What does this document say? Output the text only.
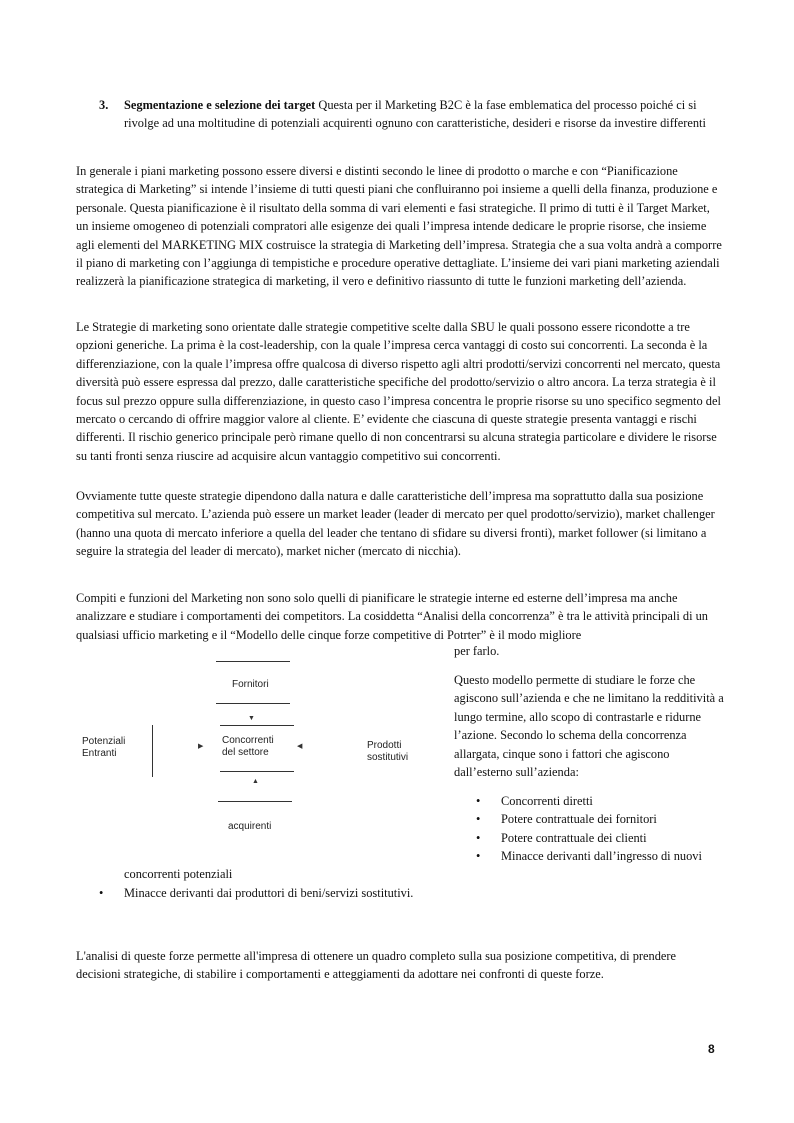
3. Segmentazione e selezione dei target Questa per il Marketing B2C è la fase emblematica del processo poiché ci si rivolge ad una moltitudine di potenziali acquirenti ognuno con caratteristiche, desideri e risorse da investire differenti

In generale i piani marketing possono essere diversi e distinti secondo le linee di prodotto o marche e con “Pianificazione strategica di Marketing” si intende l’insieme di tutti questi piani che confluiranno poi insieme a quelli della finanza, produzione e personale. Questa pianificazione è il risultato della somma di vari elementi e fasi strategiche. Il primo di tutti è il Target Market, un insieme omogeneo di potenziali compratori alle esigenze dei quali l’impresa intende dedicare le proprie risorse, che insieme agli elementi del MARKETING MIX costruisce la strategia di Marketing dell’impresa. Strategia che a sua volta andrà a comporre il piano di marketing con l’aggiunga di tempistiche e procedure operative dettagliate. L’insieme dei vari piani marketing aziendali realizzerà la pianificazione strategica di marketing, il vero e definitivo riassunto di tutte le funzioni marketing dell’azienda.

Le Strategie di marketing sono orientate dalle strategie competitive scelte dalla SBU le quali possono essere ricondotte a tre opzioni generiche. La prima è la cost-leadership, con la quale l’impresa cerca vantaggi di costo sui concorrenti. La seconda è la differenziazione, con la quale l’impresa offre qualcosa di diverso rispetto agli altri prodotti/servizi concorrenti nel mercato, questa diversità può essere espressa dal prezzo, dalle caratteristiche specifiche del prodotto/servizio o altro ancora. La terza strategia è il focus sul prezzo oppure sulla differenziazione, in questo caso l’impresa concentra le proprie risorse su uno specifico segmento del mercato o cercando di offrire maggior valore al cliente. E’ evidente che ciascuna di queste strategie presenta vantaggi e rischi differenti. Il rischio generico principale però rimane quello di non concentrarsi su alcuna strategia particolare e dividere le risorse su tanti fronti senza riuscire ad acquisire alcun vantaggio competitivo sui concorrenti.

Ovviamente tutte queste strategie dipendono dalla natura e dalle caratteristiche dell’impresa ma soprattutto dalla sua posizione competitiva sul mercato. L’azienda può essere un market leader (leader di mercato per quel prodotto/servizio), market challenger (hanno una quota di mercato inferiore a quella del leader che tentano di sfidare su diversi fronti), market follower (si limitano a seguire la strategia del leader di mercato), market nicher (mercato di nicchia).

Compiti e funzioni del Marketing non sono solo quelli di pianificare le strategie interne ed esterne dell’impresa ma anche analizzare e studiare i comportamenti dei competitors. La cosiddetta “Analisi della concorrenza” è tra le attività principali di un qualsiasi ufficio marketing e il “Modello delle cinque forze competitive di Potrter” è il modo migliore

Fornitori
▼
Potenziali
Entranti
▶
Concorrenti
del settore
◀	Prodotti
sostitutivi
▲
acquirenti
per farlo.
Questo modello permette di studiare le forze che agiscono sull’azienda e che ne limitano la redditività a lungo termine, allo scopo di contrastarle e ridurne l’azione. Secondo lo schema della concorrenza allargata, cinque sono i fattori che agiscono dall’esterno sull’azienda:
• Concorrenti diretti
• Potere contrattuale dei fornitori
• Potere contrattuale dei clienti
• Minacce derivanti dall’ingresso di nuovi
concorrenti potenziali
• Minacce derivanti dai produttori di beni/servizi sostitutivi.

L'analisi di queste forze permette all'impresa di ottenere un quadro completo sulla sua posizione competitiva, di prendere decisioni strategiche, di stabilire i comportamenti e atteggiamenti da adottare nei confronti di queste forze.

8
